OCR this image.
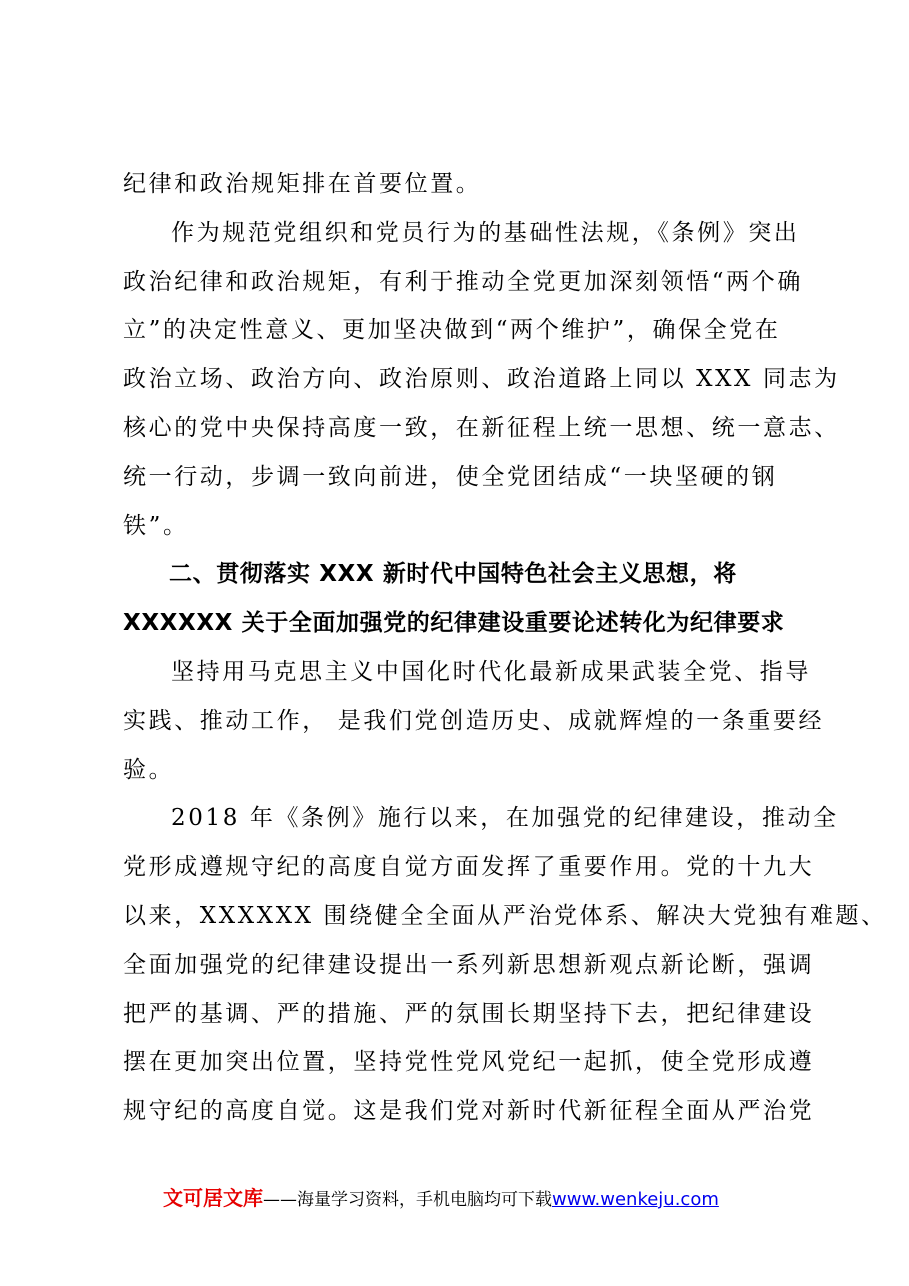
纪律和政治规矩排在首要位置。
作为规范党组织和党员行为的基础性法规，《条例》突出
政治纪律和政治规矩，有利于推动全党更加深刻领悟“两个确
立”的决定性意义、更加坚决做到“两个维护”，确保全党在
政治立场、政治方向、政治原则、政治道路上同以 XXX 同志为
核心的党中央保持高度一致，在新征程上统一思想、统一意志、
统一行动，步调一致向前进，使全党团结成“一块坚硬的钢
铁”。
二、贯彻落实 XXX 新时代中国特色社会主义思想，将
XXXXXX 关于全面加强党的纪律建设重要论述转化为纪律要求
坚持用马克思主义中国化时代化最新成果武装全党、指导
实践、推动工作， 是我们党创造历史、成就辉煌的一条重要经
验。
2018 年《条例》施行以来，在加强党的纪律建设，推动全
党形成遵规守纪的高度自觉方面发挥了重要作用。党的十九大
以来，XXXXXX 围绕健全全面从严治党体系、解决大党独有难题、
全面加强党的纪律建设提出一系列新思想新观点新论断，强调
把严的基调、严的措施、严的氛围长期坚持下去，把纪律建设
摆在更加突出位置，坚持党性党风党纪一起抓，使全党形成遵
规守纪的高度自觉。这是我们党对新时代新征程全面从严治党
文可居文库——海量学习资料，手机电脑均可下载www.wenkeju.com
